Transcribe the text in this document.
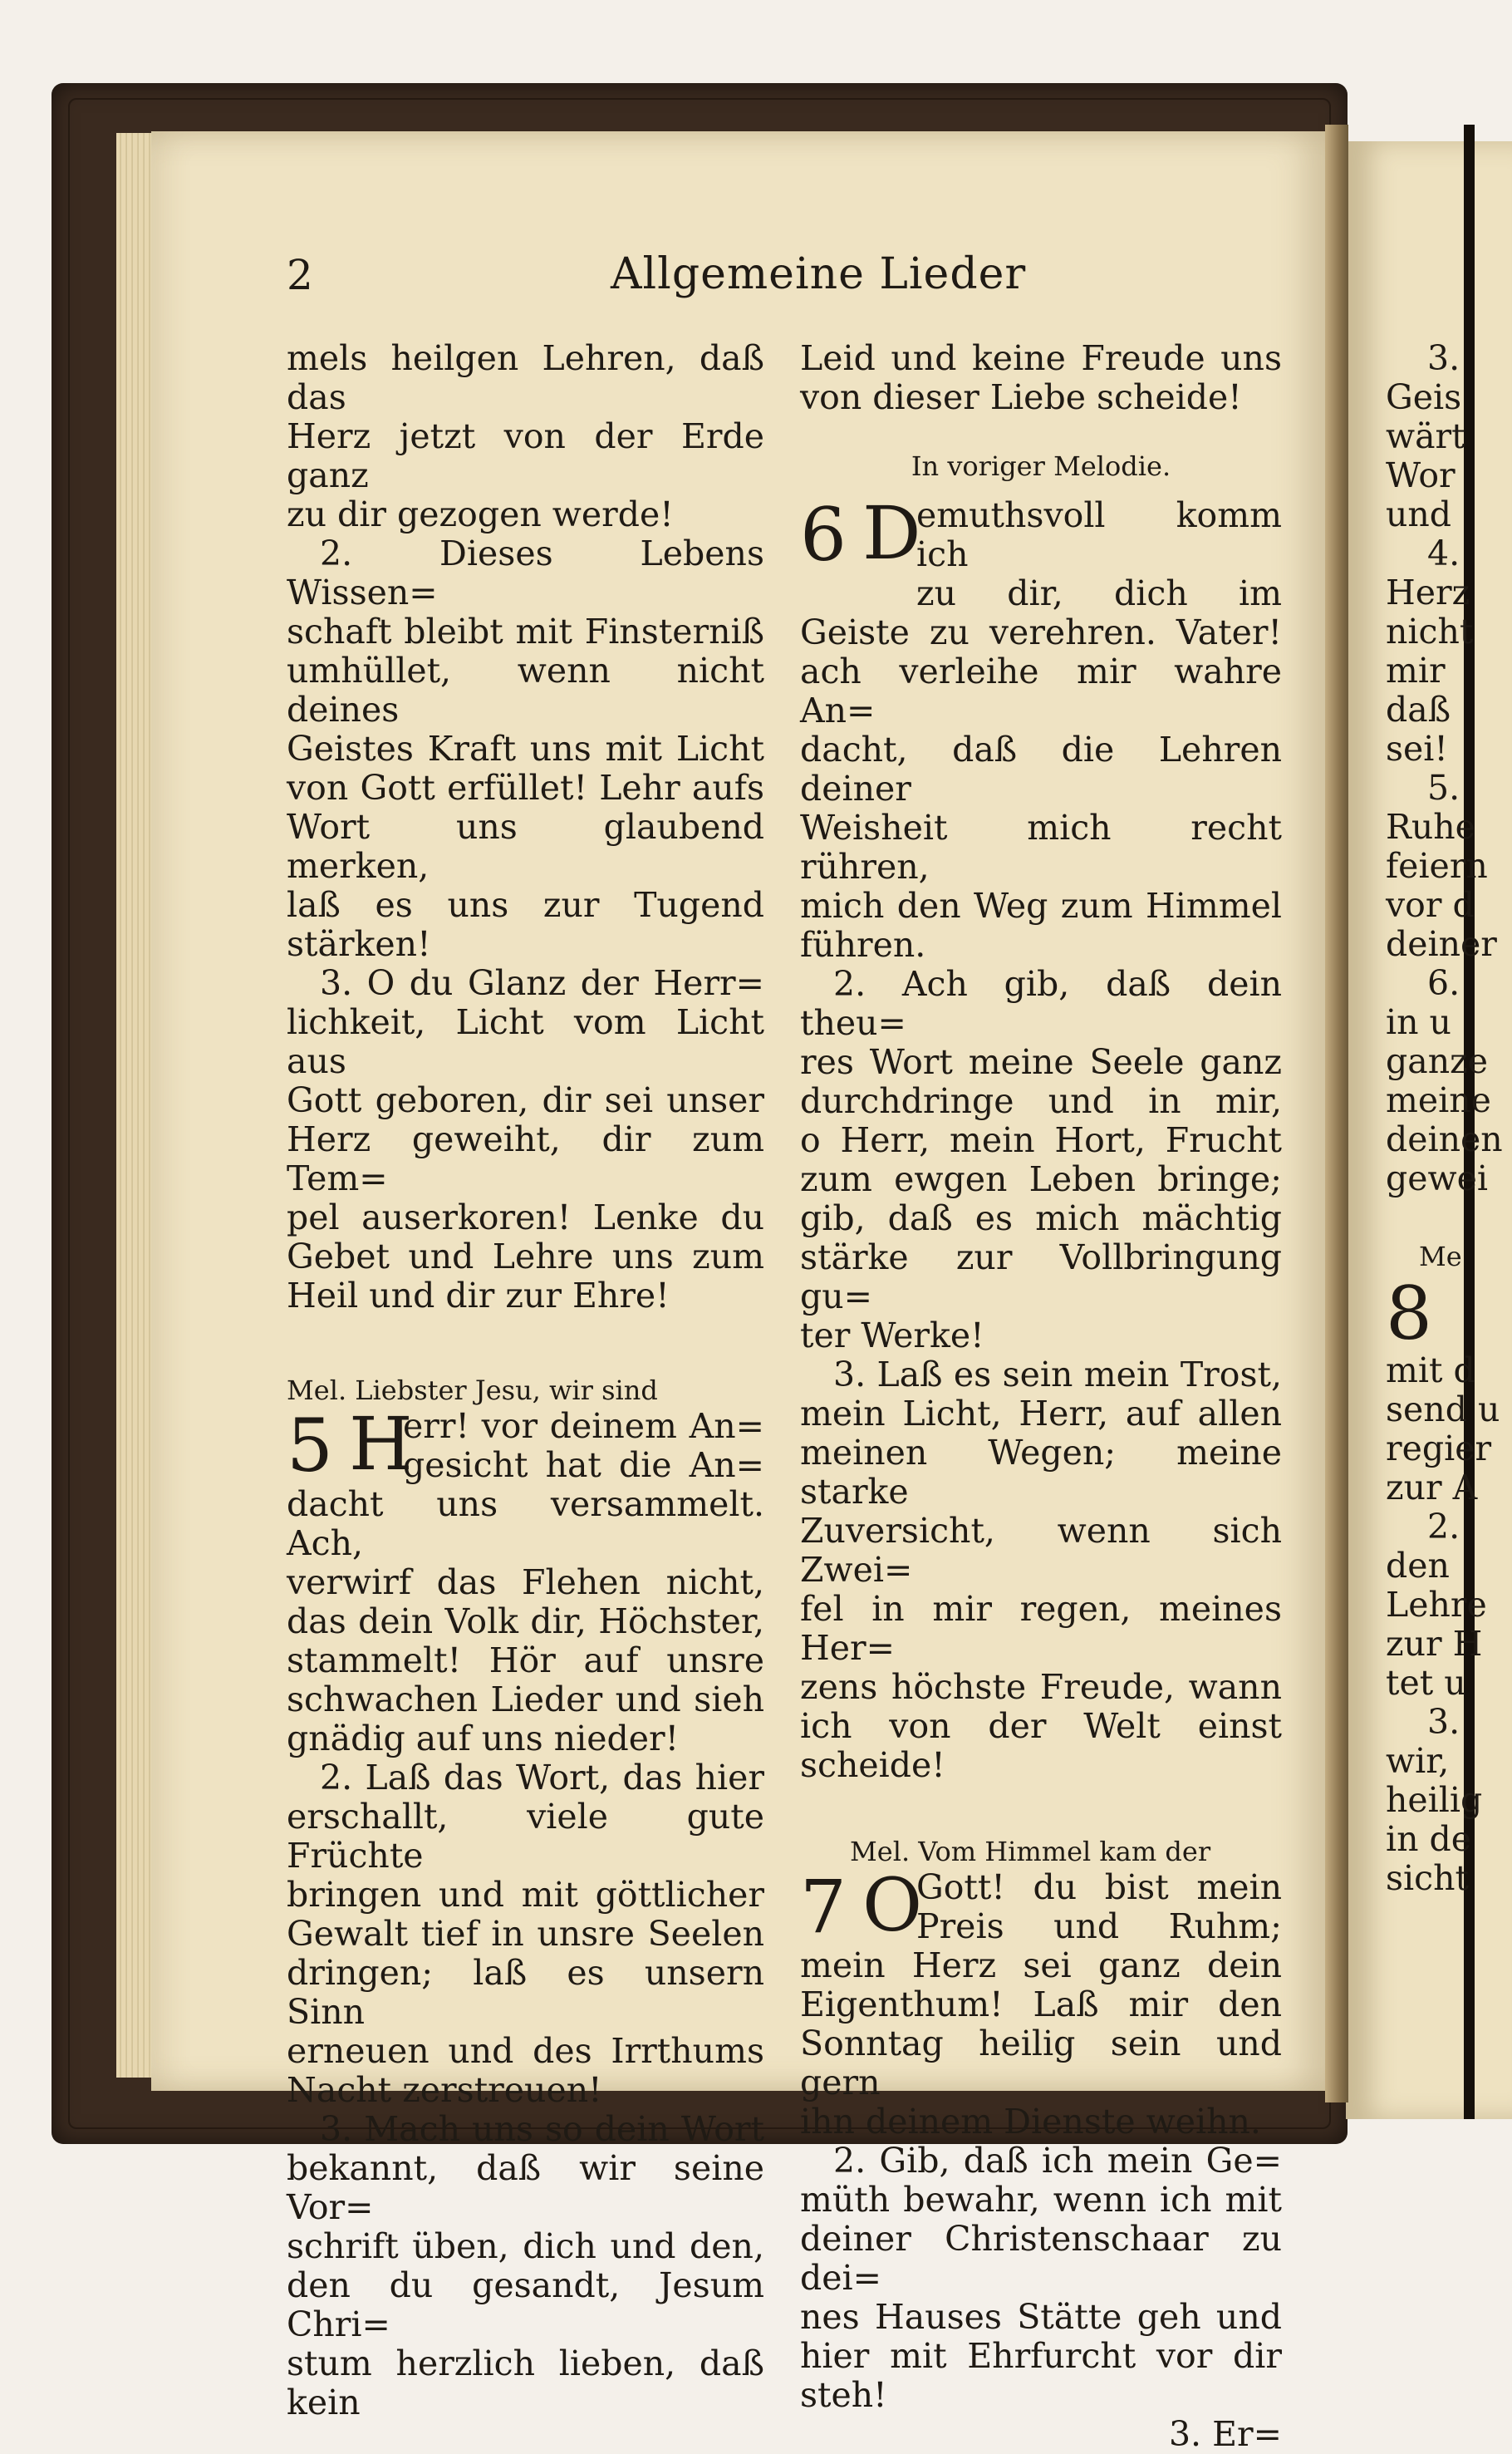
2	Allgemeine Lieder

mels heilgen Lehren, daß das

Herz jetzt von der Erde ganz

zu dir gezogen werde!

2. Dieses Lebens Wissen=

schaft bleibt mit Finsterniß

umhüllet, wenn nicht deines

Geistes Kraft uns mit Licht

von Gott erfüllet! Lehr aufs

Wort uns glaubend merken,

laß es uns zur Tugend

stärken!

3. O du Glanz der Herr=

lichkeit, Licht vom Licht aus

Gott geboren, dir sei unser

Herz geweiht, dir zum Tem=

pel auserkoren! Lenke du

Gebet und Lehre uns zum

Heil und dir zur Ehre!

Mel. Liebster Jesu, wir sind

5 H

err! vor deinem An=

gesicht hat die An=

dacht uns versammelt. Ach,

verwirf das Flehen nicht,

das dein Volk dir, Höchster,

stammelt! Hör auf unsre

schwachen Lieder und sieh

gnädig auf uns nieder!

2. Laß das Wort, das hier

erschallt, viele gute Früchte

bringen und mit göttlicher

Gewalt tief in unsre Seelen

dringen; laß es unsern Sinn

erneuen und des Irrthums

Nacht zerstreuen!

3. Mach uns so dein Wort

bekannt, daß wir seine Vor=

schrift üben, dich und den,

den du gesandt, Jesum Chri=

stum herzlich lieben, daß kein

Leid und keine Freude uns

von dieser Liebe scheide!

In voriger Melodie.

6 D

emuthsvoll komm ich

zu dir, dich im

Geiste zu verehren. Vater!

ach verleihe mir wahre An=

dacht, daß die Lehren deiner

Weisheit mich recht rühren,

mich den Weg zum Himmel

führen.

2. Ach gib, daß dein theu=

res Wort meine Seele ganz

durchdringe und in mir,

o Herr, mein Hort, Frucht

zum ewgen Leben bringe;

gib, daß es mich mächtig

stärke zur Vollbringung gu=

ter Werke!

3. Laß es sein mein Trost,

mein Licht, Herr, auf allen

meinen Wegen; meine starke

Zuversicht, wenn sich Zwei=

fel in mir regen, meines Her=

zens höchste Freude, wann

ich von der Welt einst scheide!

Mel. Vom Himmel kam der

7 O

Gott! du bist mein

Preis und Ruhm;

mein Herz sei ganz dein

Eigenthum! Laß mir den

Sonntag heilig sein und gern

ihn deinem Dienste weihn.

2. Gib, daß ich mein Ge=

müth bewahr, wenn ich mit

deiner Christenschaar zu dei=

nes Hauses Stätte geh und

hier mit Ehrfurcht vor dir steh!

3. Er=

3.

Geis

wärt

Wor

und

4.

Herz

nicht

mir

daß

sei!

5.

Ruhe

feiern

vor d

deiner

6.

in u

ganze

meine

deinen

gewei

Me

8

mit d

send u

regier

zur A

2.

den

Lehre

zur H

tet u

3.

wir,

heilig

in de

sicht
